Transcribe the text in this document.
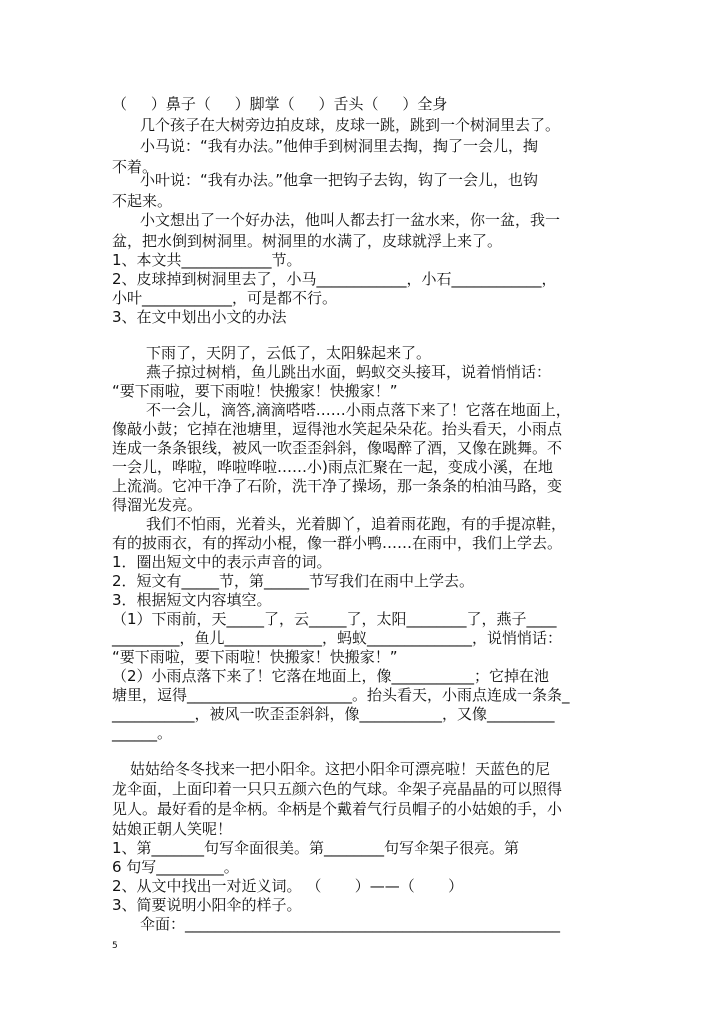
（     ）鼻子（     ）脚掌（     ）舌头（     ）全身
几个孩子在大树旁边拍皮球，皮球一跳，跳到一个树洞里去了。
小马说：“我有办法。”他伸手到树洞里去掏，掏了一会儿，掏
不着。
小叶说：“我有办法。”他拿一把钩子去钩，钩了一会儿，也钩
不起来。
小文想出了一个好办法，他叫人都去打一盆水来，你一盆，我一
盆，把水倒到树洞里。树洞里的水满了，皮球就浮上来了。
1、本文共____________节。
2、皮球掉到树洞里去了，小马____________，小石____________，
小叶____________，可是都不行。
3、在文中划出小文的办法
下雨了，天阴了，云低了，太阳躲起来了。
燕子掠过树梢，鱼儿跳出水面，蚂蚁交头接耳，说着悄悄话：
“要下雨啦，要下雨啦！快搬家！快搬家！”
不一会儿，滴答,滴滴嗒嗒……小雨点落下来了！它落在地面上，
像敲小鼓；它掉在池塘里，逗得池水笑起朵朵花。抬头看天，小雨点
连成一条条银线，被风一吹歪歪斜斜，像喝醉了酒，又像在跳舞。不
一会儿，哗啦，哗啦哗啦……小)雨点汇聚在一起，变成小溪，在地
上流淌。它冲干净了石阶，洗干净了操场，那一条条的柏油马路，变
得溜光发亮。
我们不怕雨，光着头，光着脚丫，追着雨花跑，有的手提凉鞋，
有的披雨衣，有的挥动小棍，像一群小鸭……在雨中，我们上学去。
1．圈出短文中的表示声音的词。
2．短文有_____节，第______节写我们在雨中上学去。
3．根据短文内容填空。
（1）下雨前，天_____了，云_____了，太阳________了，燕子____
_________，鱼儿_____________，蚂蚁______________，说悄悄话：
“要下雨啦，要下雨啦！快搬家！快搬家！”
（2）小雨点落下来了！它落在地面上，像___________；它掉在池
塘里，逗得______________________。抬头看天，小雨点连成一条条_
___________，被风一吹歪歪斜斜，像___________，又像_________
______。
姑姑给冬冬找来一把小阳伞。这把小阳伞可漂亮啦！天蓝色的尼
龙伞面，上面印着一只只五颜六色的气球。伞架子亮晶晶的可以照得
见人。最好看的是伞柄。伞柄是个戴着气行员帽子的小姑娘的手，小
姑娘正朝人笑呢！
1、第_______句写伞面很美。第________句写伞架子很亮。第
6 句写_________。
2、从文中找出一对近义词。 （       ）——（       ）
3、简要说明小阳伞的样子。
伞面：__________________________________________________
5
